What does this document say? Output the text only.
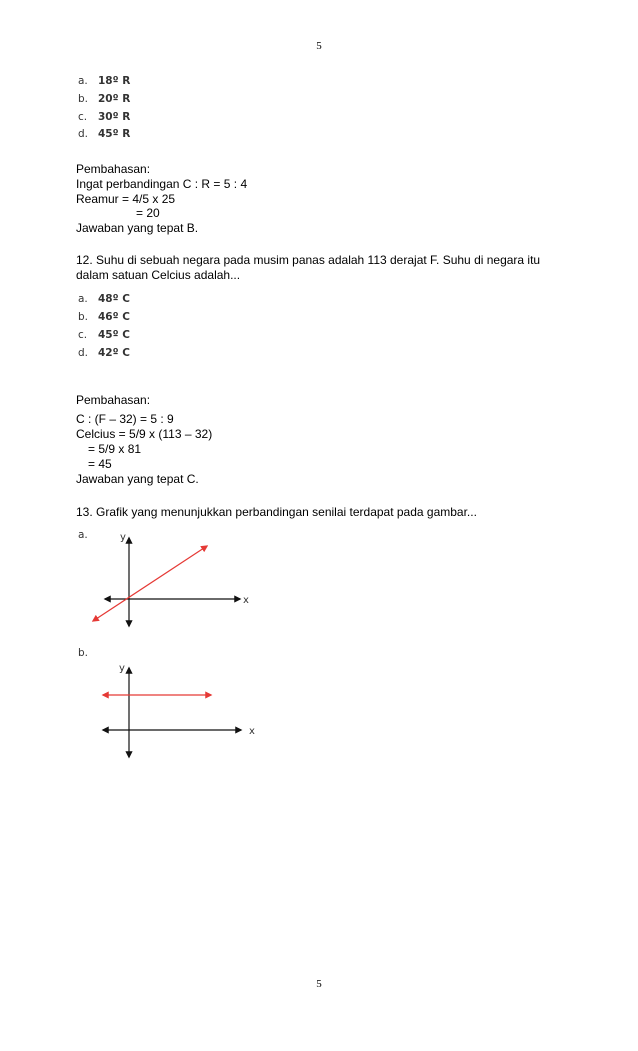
5
5
a. 18º R
b. 20º R
c. 30º R
d. 45º R
Pembahasan:
Ingat perbandingan C : R = 5 : 4
Reamur = 4/5 x 25
= 20
Jawaban yang tepat B.
12. Suhu di sebuah negara pada musim panas adalah 113 derajat F. Suhu di negara itu
dalam satuan Celcius adalah...
a. 48º C
b. 46º C
c. 45º C
d. 42º C
Pembahasan:
C : (F – 32) = 5 : 9
Celcius = 5/9 x (113 – 32)
= 5/9 x 81
= 45
Jawaban yang tepat C.
13. Grafik yang menunjukkan perbandingan senilai terdapat pada gambar...
a.	y
x
b.
y
x
